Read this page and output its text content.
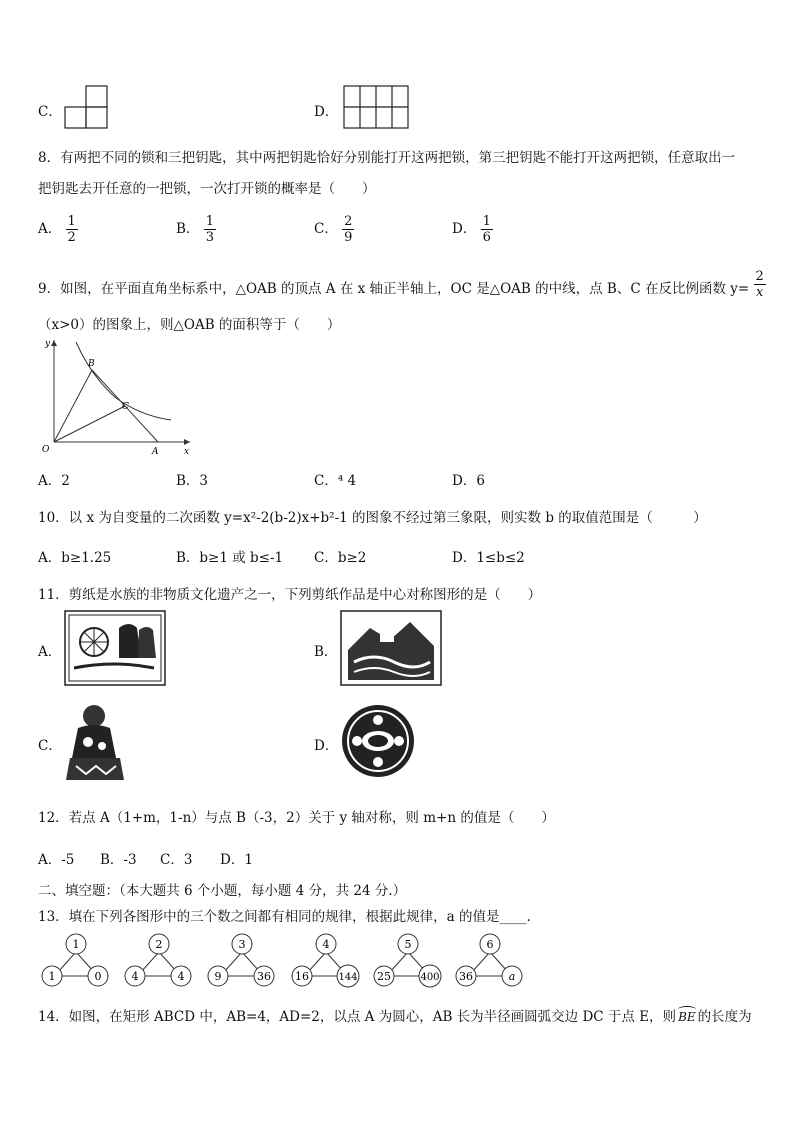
C．	D．
8．有两把不同的锁和三把钥匙，其中两把钥匙恰好分别能打开这两把锁，第三把钥匙不能打开这两把锁，任意取出一
把钥匙去开任意的一把锁，一次打开锁的概率是（　　）
A． $\frac{1}{2}$	B． $\frac{1}{3}$	C． $\frac{2}{9}$	D． $\frac{1}{6}$
9．如图，在平面直角坐标系中，△OAB 的顶点 A 在 x 轴正半轴上，OC 是△OAB 的中线，点 B、C 在反比例函数 $y= \frac{2}{x}$
（x>0）的图象上，则△OAB 的面积等于（　　）
y
x
O	A
B
C
A．2	B．3	C．⁴ 4	D．6
10．以 x 为自变量的二次函数 y=x²-2(b-2)x+b²-1 的图象不经过第三象限，则实数 b 的取值范围是（　　　）
A．b≥1.25	B．b≥1 或 b≤-1 C．b≥2	D．1≤b≤2
11．剪纸是水族的非物质文化遗产之一，下列剪纸作品是中心对称图形的是（　　）
A．	B．
C．	D．
12．若点 A（1+m，1-n）与点 B（-3，2）关于 y 轴对称，则 m+n 的值是（　　）
A．-5 B．-3 C．3 D．1
二、填空题：（本大题共 6 个小题，每小题 4 分，共 24 分.）
13．填在下列各图形中的三个数之间都有相同的规律，根据此规律，a 的值是____.
1
1	0
2
4	4
3
9	36
4
16	144
5
25	400
6
36	a
14．如图，在矩形 ABCD 中，AB=4，AD=2，以点 A 为圆心，AB 长为半径画圆弧交边 DC 于点 E，则 BE 的长度为
